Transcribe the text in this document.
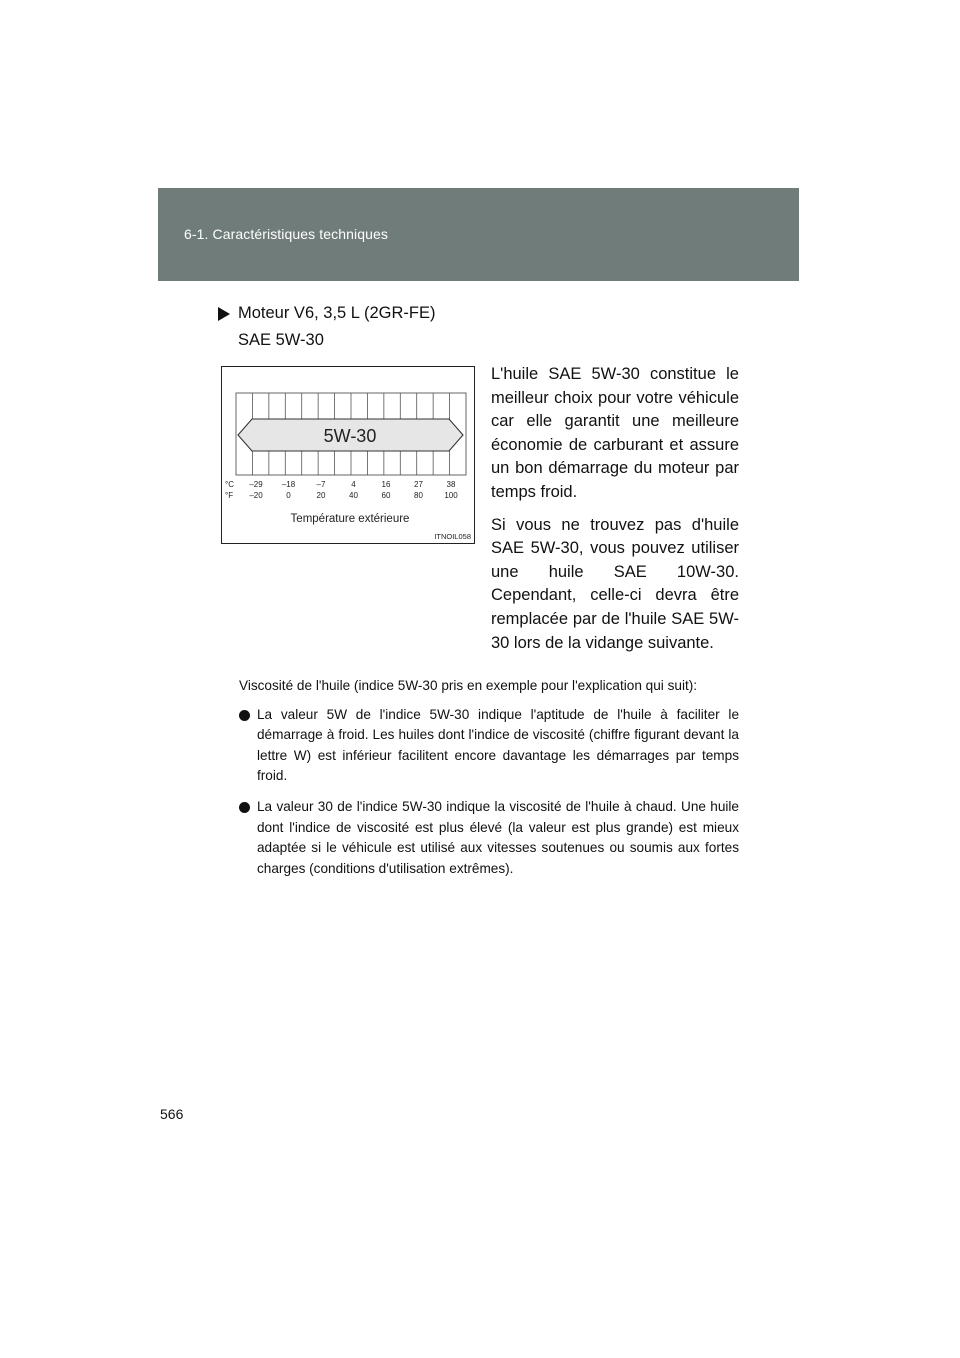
6-1. Caractéristiques techniques
Moteur V6, 3,5 L (2GR-FE)
SAE 5W-30
5W-30
°C
°F
–29 –18	–7	4	16	27	38
–20	0	20	40	60	80	100
Température extérieure
ITNOIL058

L'huile SAE 5W-30 constitue le meilleur choix pour votre véhicule car elle garantit une meilleure économie de carburant et assure un bon démarrage du moteur par temps froid.

Si vous ne trouvez pas d'huile SAE 5W-30, vous pouvez utiliser une huile SAE 10W-30. Cependant, celle-ci devra être remplacée par de l'huile SAE 5W-30 lors de la vidange suivante.

Viscosité de l'huile (indice 5W-30 pris en exemple pour l'explication qui suit):

La valeur 5W de l'indice 5W-30 indique l'aptitude de l'huile à faciliter le démarrage à froid. Les huiles dont l'indice de viscosité (chiffre figurant devant la lettre W) est inférieur facilitent encore davantage les démarrages par temps froid.
La valeur 30 de l'indice 5W-30 indique la viscosité de l'huile à chaud. Une huile dont l'indice de viscosité est plus élevé (la valeur est plus grande) est mieux adaptée si le véhicule est utilisé aux vitesses soutenues ou soumis aux fortes charges (conditions d'utilisation extrêmes).
566
